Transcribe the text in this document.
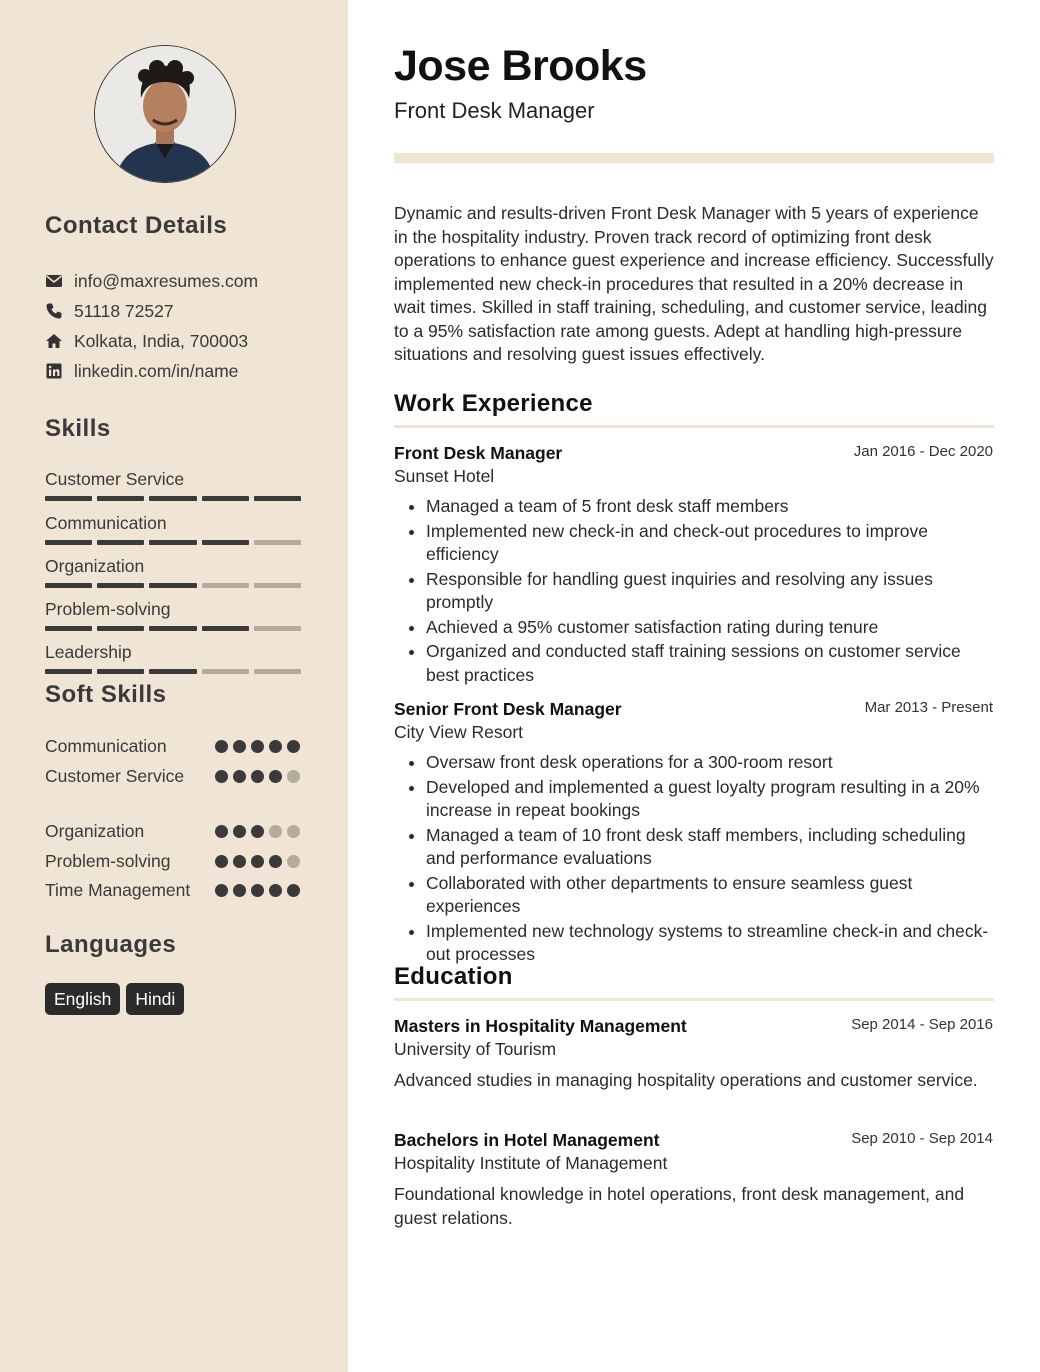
Contact Details
info@maxresumes.com
51118 72527
Kolkata, India, 700003
linkedin.com/in/name
Skills
Customer Service
Communication
Organization
Problem-solving
Leadership
Soft Skills
Communication
Customer Service
Organization
Problem-solving
Time Management
Languages
English	Hindi
Jose Brooks
Front Desk Manager
Dynamic and results-driven Front Desk Manager with 5 years of experience in the hospitality industry. Proven track record of optimizing front desk operations to enhance guest experience and increase efficiency. Successfully implemented new check-in procedures that resulted in a 20% decrease in wait times. Skilled in staff training, scheduling, and customer service, leading to a 95% satisfaction rate among guests. Adept at handling high-pressure situations and resolving guest issues effectively.
Work Experience
Front Desk Manager	Jan 2016 - Dec 2020
Sunset Hotel
• Managed a team of 5 front desk staff members
• Implemented new check-in and check-out procedures to improve efficiency
• Responsible for handling guest inquiries and resolving any issues promptly
• Achieved a 95% customer satisfaction rating during tenure
• Organized and conducted staff training sessions on customer service best practices
Senior Front Desk Manager	Mar 2013 - Present
City View Resort
• Oversaw front desk operations for a 300-room resort
• Developed and implemented a guest loyalty program resulting in a 20% increase in repeat bookings
• Managed a team of 10 front desk staff members, including scheduling and performance evaluations
• Collaborated with other departments to ensure seamless guest experiences
• Implemented new technology systems to streamline check-in and check-out processes
Education
Masters in Hospitality Management	Sep 2014 - Sep 2016
University of Tourism
Advanced studies in managing hospitality operations and customer service.
Bachelors in Hotel Management	Sep 2010 - Sep 2014
Hospitality Institute of Management
Foundational knowledge in hotel operations, front desk management, and guest relations.
